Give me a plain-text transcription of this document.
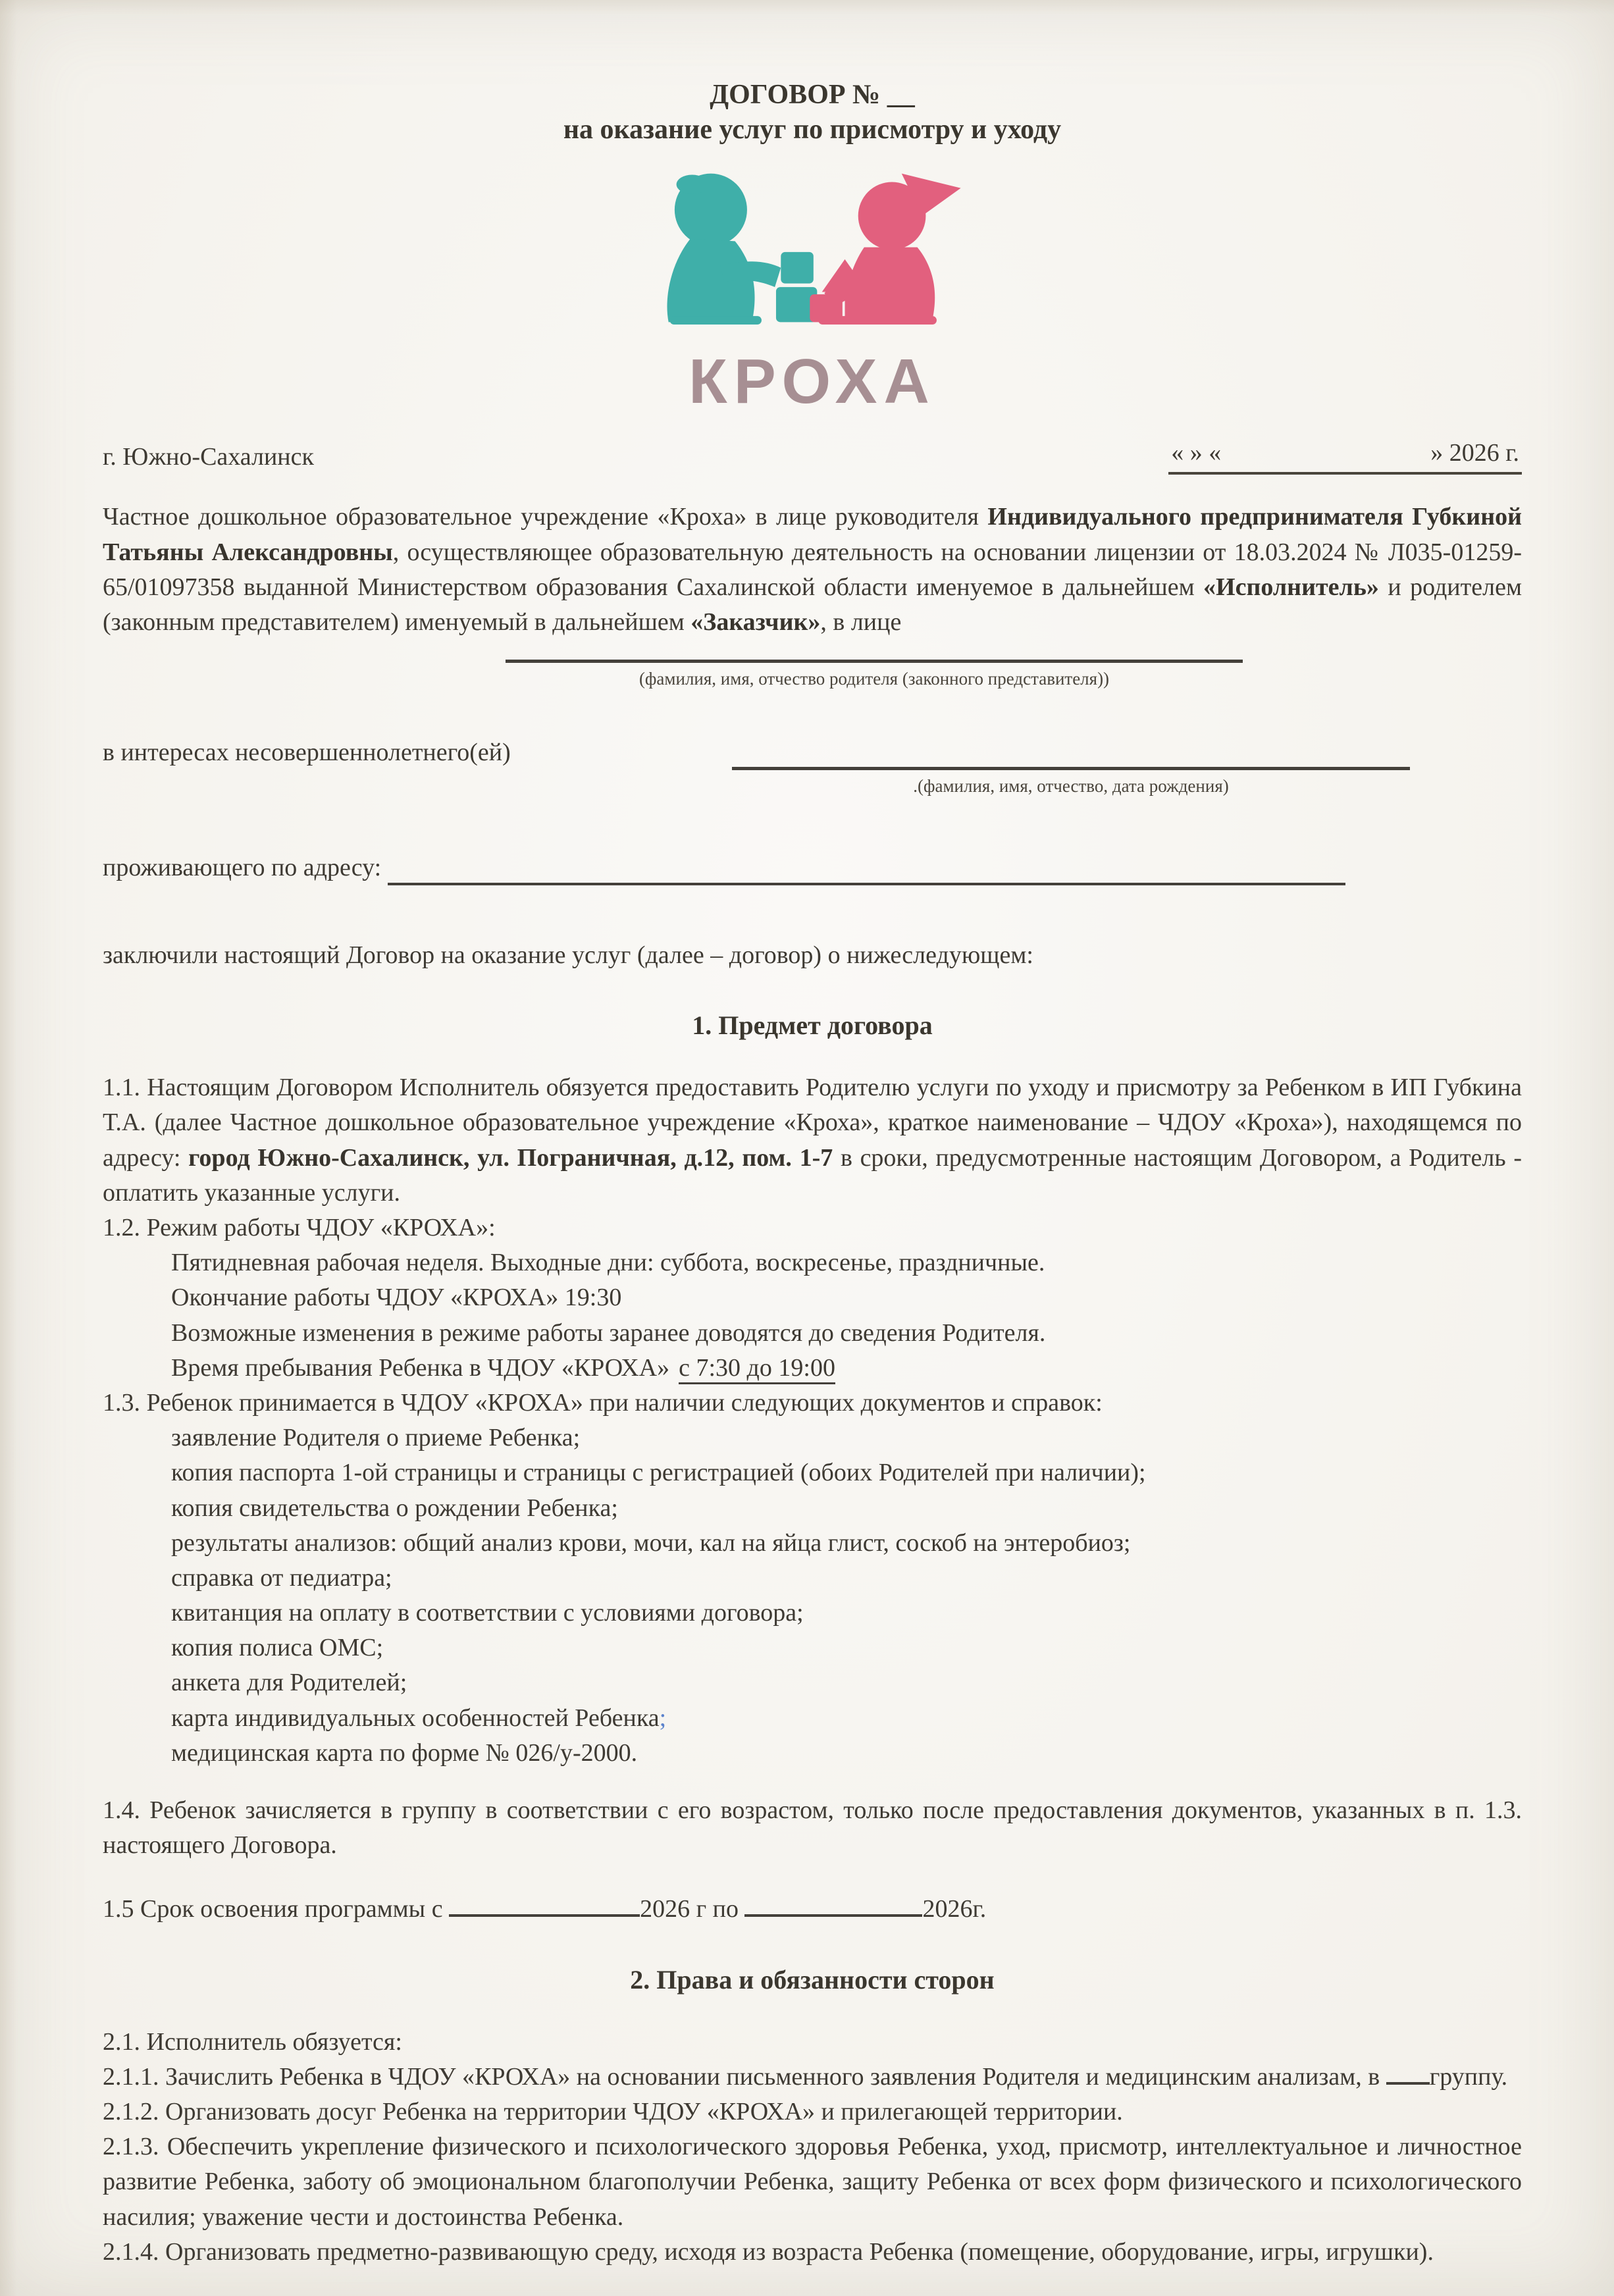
ДОГОВОР № __
на оказание услуг по присмотру и уходу
КРОХА
г. Южно-Сахалинск	« » «	» 2026 г.
Частное дошкольное образовательное учреждение «Кроха» в лице руководителя Индивидуального предпринимателя Губкиной Татьяны Александровны, осуществляющее образовательную деятельность на основании лицензии от 18.03.2024 № Л035-01259-65/01097358 выданной Министерством образования Сахалинской области именуемое в дальнейшем «Исполнитель» и родителем (законным представителем) именуемый в дальнейшем «Заказчик», в лице
(фамилия, имя, отчество родителя (законного представителя))
в интересах несовершеннолетнего(ей)
.(фамилия, имя, отчество, дата рождения)
проживающего по адресу:
заключили настоящий Договор на оказание услуг (далее – договор) о нижеследующем:
1. Предмет договора
1.1. Настоящим Договором Исполнитель обязуется предоставить Родителю услуги по уходу и присмотру за Ребенком в ИП Губкина Т.А. (далее Частное дошкольное образовательное учреждение «Кроха», краткое наименование – ЧДОУ «Кроха»), находящемся по адресу: город Южно-Сахалинск, ул. Пограничная, д.12, пом. 1-7 в сроки, предусмотренные настоящим Договором, а Родитель - оплатить указанные услуги.
1.2. Режим работы ЧДОУ «КРОХА»:
Пятидневная рабочая неделя. Выходные дни: суббота, воскресенье, праздничные.
Окончание работы ЧДОУ «КРОХА» 19:30
Возможные изменения в режиме работы заранее доводятся до сведения Родителя.
Время пребывания Ребенка в ЧДОУ «КРОХА» с 7:30 до 19:00
1.3. Ребенок принимается в ЧДОУ «КРОХА» при наличии следующих документов и справок:
заявление Родителя о приеме Ребенка;
копия паспорта 1-ой страницы и страницы с регистрацией (обоих Родителей при наличии);
копия свидетельства о рождении Ребенка;
результаты анализов: общий анализ крови, мочи, кал на яйца глист, соскоб на энтеробиоз;
справка от педиатра;
квитанция на оплату в соответствии с условиями договора;
копия полиса ОМС;
анкета для Родителей;
карта индивидуальных особенностей Ребенка;
медицинская карта по форме № 026/у-2000.
1.4. Ребенок зачисляется в группу в соответствии с его возрастом, только после предоставления документов, указанных в п. 1.3. настоящего Договора.
1.5 Срок освоения программы с	2026 г по	2026г.
2. Права и обязанности сторон
2.1. Исполнитель обязуется:
2.1.1. Зачислить Ребенка в ЧДОУ «КРОХА» на основании письменного заявления Родителя и медицинским анализам, в группу.
2.1.2. Организовать досуг Ребенка на территории ЧДОУ «КРОХА» и прилегающей территории.
2.1.3. Обеспечить укрепление физического и психологического здоровья Ребенка, уход, присмотр, интеллектуальное и личностное развитие Ребенка, заботу об эмоциональном благополучии Ребенка, защиту Ребенка от всех форм физического и психологического насилия; уважение чести и достоинства Ребенка.
2.1.4. Организовать предметно-развивающую среду, исходя из возраста Ребенка (помещение, оборудование, игры, игрушки).
